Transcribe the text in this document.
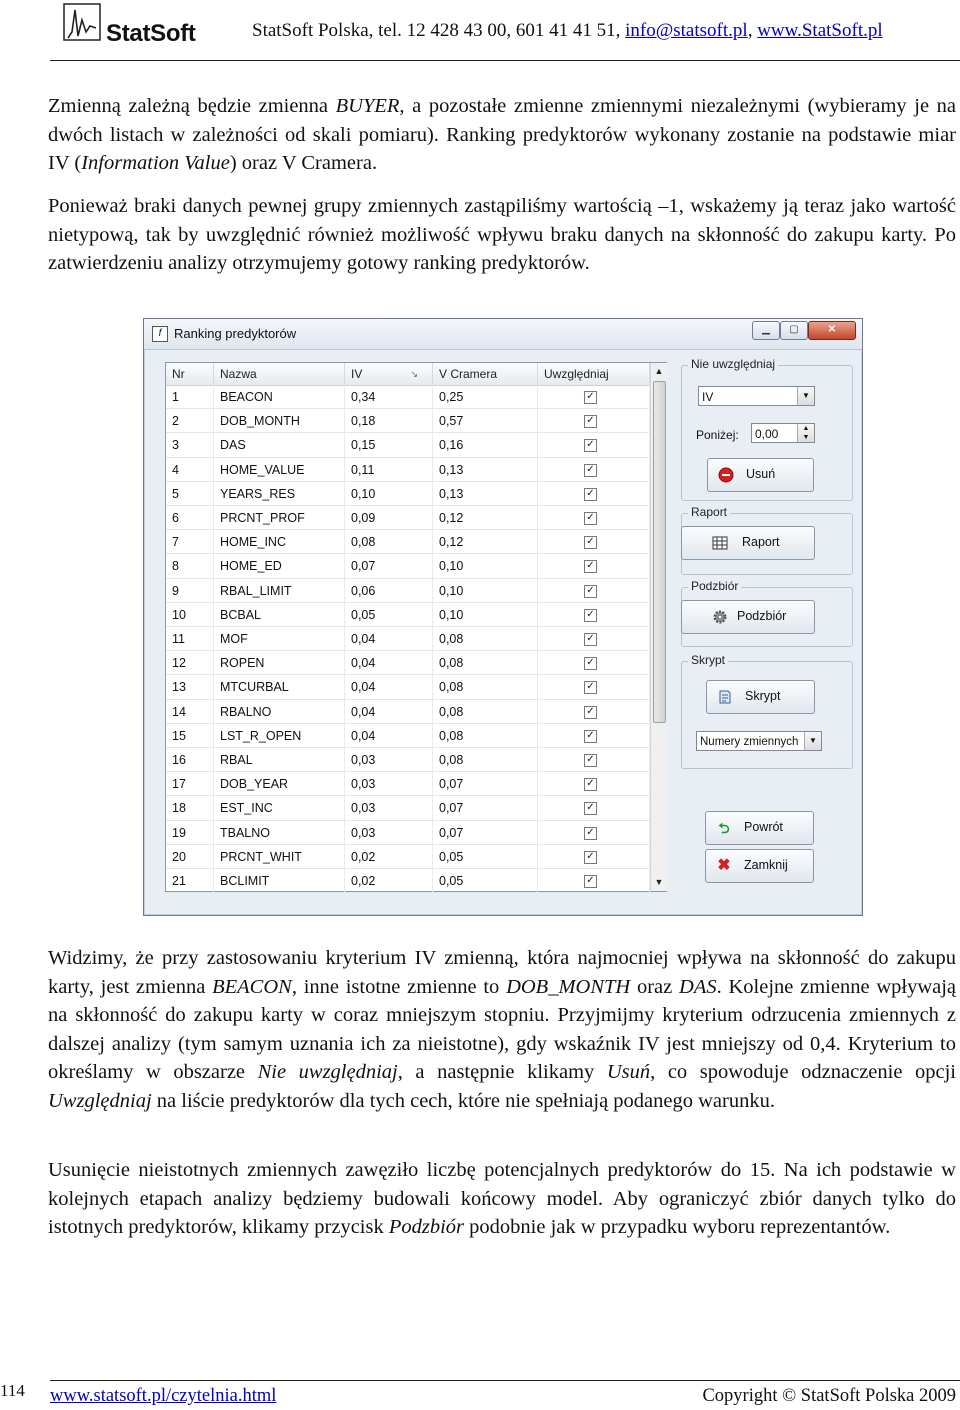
StatSoft	StatSoft Polska, tel. 12 428 43 00, 601 41 41 51, info@statsoft.pl, www.StatSoft.pl
Zmienną zależną będzie zmienna BUYER, a pozostałe zmienne zmiennymi niezależnymi (wybieramy je na dwóch listach w zależności od skali pomiaru). Ranking predyktorów wykonany zostanie na podstawie miar IV (Information Value) oraz V Cramera.
Ponieważ braki danych pewnej grupy zmiennych zastąpiliśmy wartością –1, wskażemy ją teraz jako wartość nietypową, tak by uwzględnić również możliwość wpływu braku danych na skłonność do zakupu karty. Po zatwierdzeniu analizy otrzymujemy gotowy ranking predyktorów.
f Ranking predyktorów	▁	▢	✕
Nr	Nazwa	IV	↘	V Cramera	Uwzględniaj
1	BEACON	0,34	0,25	✓
2	DOB_MONTH	0,18	0,57	✓
3	DAS	0,15	0,16	✓
4	HOME_VALUE	0,11	0,13	✓
5	YEARS_RES	0,10	0,13	✓
6	PRCNT_PROF	0,09	0,12	✓
7	HOME_INC	0,08	0,12	✓
8	HOME_ED	0,07	0,10	✓
9	RBAL_LIMIT	0,06	0,10	✓
10	BCBAL	0,05	0,10	✓
11	MOF	0,04	0,08	✓
12	ROPEN	0,04	0,08	✓
13	MTCURBAL	0,04	0,08	✓
14	RBALNO	0,04	0,08	✓
15	LST_R_OPEN	0,04	0,08	✓
16	RBAL	0,03	0,08	✓
17	DOB_YEAR	0,03	0,07	✓
18	EST_INC	0,03	0,07	✓
19	TBALNO	0,03	0,07	✓
20	PRCNT_WHIT	0,02	0,05	✓
21	BCLIMIT	0,02	0,05	✓
▲
▼
Nie uwzględniaj
IV	▼
Poniżej:	0,00	▲
▼
Usuń
Raport
Raport
Podzbiór
Podzbiór
Skrypt
Skrypt
Numery zmiennych	▼
⮌ Powrót
✖ Zamknij
Widzimy, że przy zastosowaniu kryterium IV zmienną, która najmocniej wpływa na skłonność do zakupu karty, jest zmienna BEACON, inne istotne zmienne to DOB_MONTH oraz DAS. Kolejne zmienne wpływają na skłonność do zakupu karty w coraz mniejszym stopniu. Przyjmijmy kryterium odrzucenia zmiennych z dalszej analizy (tym samym uznania ich za nieistotne), gdy wskaźnik IV jest mniejszy od 0,4. Kryterium to określamy w obszarze Nie uwzględniaj, a następnie klikamy Usuń, co spowoduje odznaczenie opcji Uwzględniaj na liście predyktorów dla tych cech, które nie spełniają podanego warunku.
Usunięcie nieistotnych zmiennych zawęziło liczbę potencjalnych predyktorów do 15. Na ich podstawie w kolejnych etapach analizy będziemy budowali końcowy model. Aby ograniczyć zbiór danych tylko do istotnych predyktorów, klikamy przycisk Podzbiór podobnie jak w przypadku wyboru reprezentantów.
114 www.statsoft.pl/czytelnia.html	Copyright © StatSoft Polska 2009
